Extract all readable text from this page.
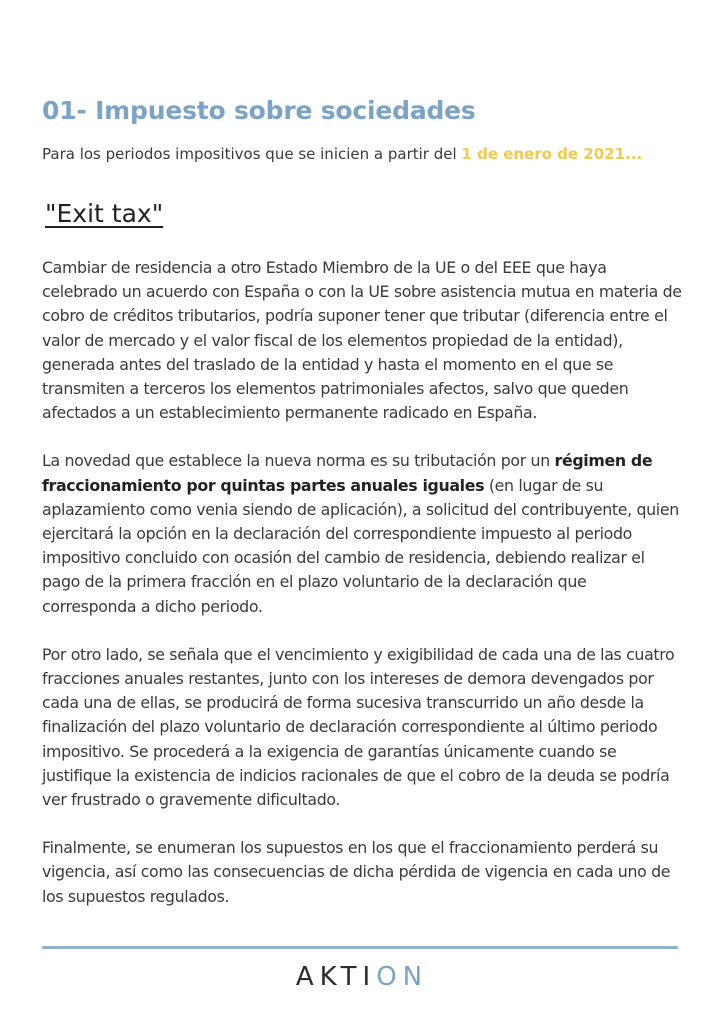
01- Impuesto sobre sociedades

Para los periodos impositivos que se inicien a partir del 1 de enero de 2021...

"Exit tax"

Cambiar de residencia a otro Estado Miembro de la UE o del EEE que haya celebrado un acuerdo con España o con la UE sobre asistencia mutua en materia de cobro de créditos tributarios, podría suponer tener que tributar (diferencia entre el valor de mercado y el valor fiscal de los elementos propiedad de la entidad), generada antes del traslado de la entidad y hasta el momento en el que se transmiten a terceros los elementos patrimoniales afectos, salvo que queden afectados a un establecimiento permanente radicado en España.

La novedad que establece la nueva norma es su tributación por un régimen de fraccionamiento por quintas partes anuales iguales (en lugar de su aplazamiento como venia siendo de aplicación), a solicitud del contribuyente, quien ejercitará la opción en la declaración del correspondiente impuesto al periodo impositivo concluido con ocasión del cambio de residencia, debiendo realizar el pago de la primera fracción en el plazo voluntario de la declaración que corresponda a dicho periodo.

Por otro lado, se señala que el vencimiento y exigibilidad de cada una de las cuatro fracciones anuales restantes, junto con los intereses de demora devengados por cada una de ellas, se producirá de forma sucesiva transcurrido un año desde la finalización del plazo voluntario de declaración correspondiente al último periodo impositivo. Se procederá a la exigencia de garantías únicamente cuando se justifique la existencia de indicios racionales de que el cobro de la deuda se podría ver frustrado o gravemente dificultado.

Finalmente, se enumeran los supuestos en los que el fraccionamiento perderá su vigencia, así como las consecuencias de dicha pérdida de vigencia en cada uno de los supuestos regulados.

AKTION
